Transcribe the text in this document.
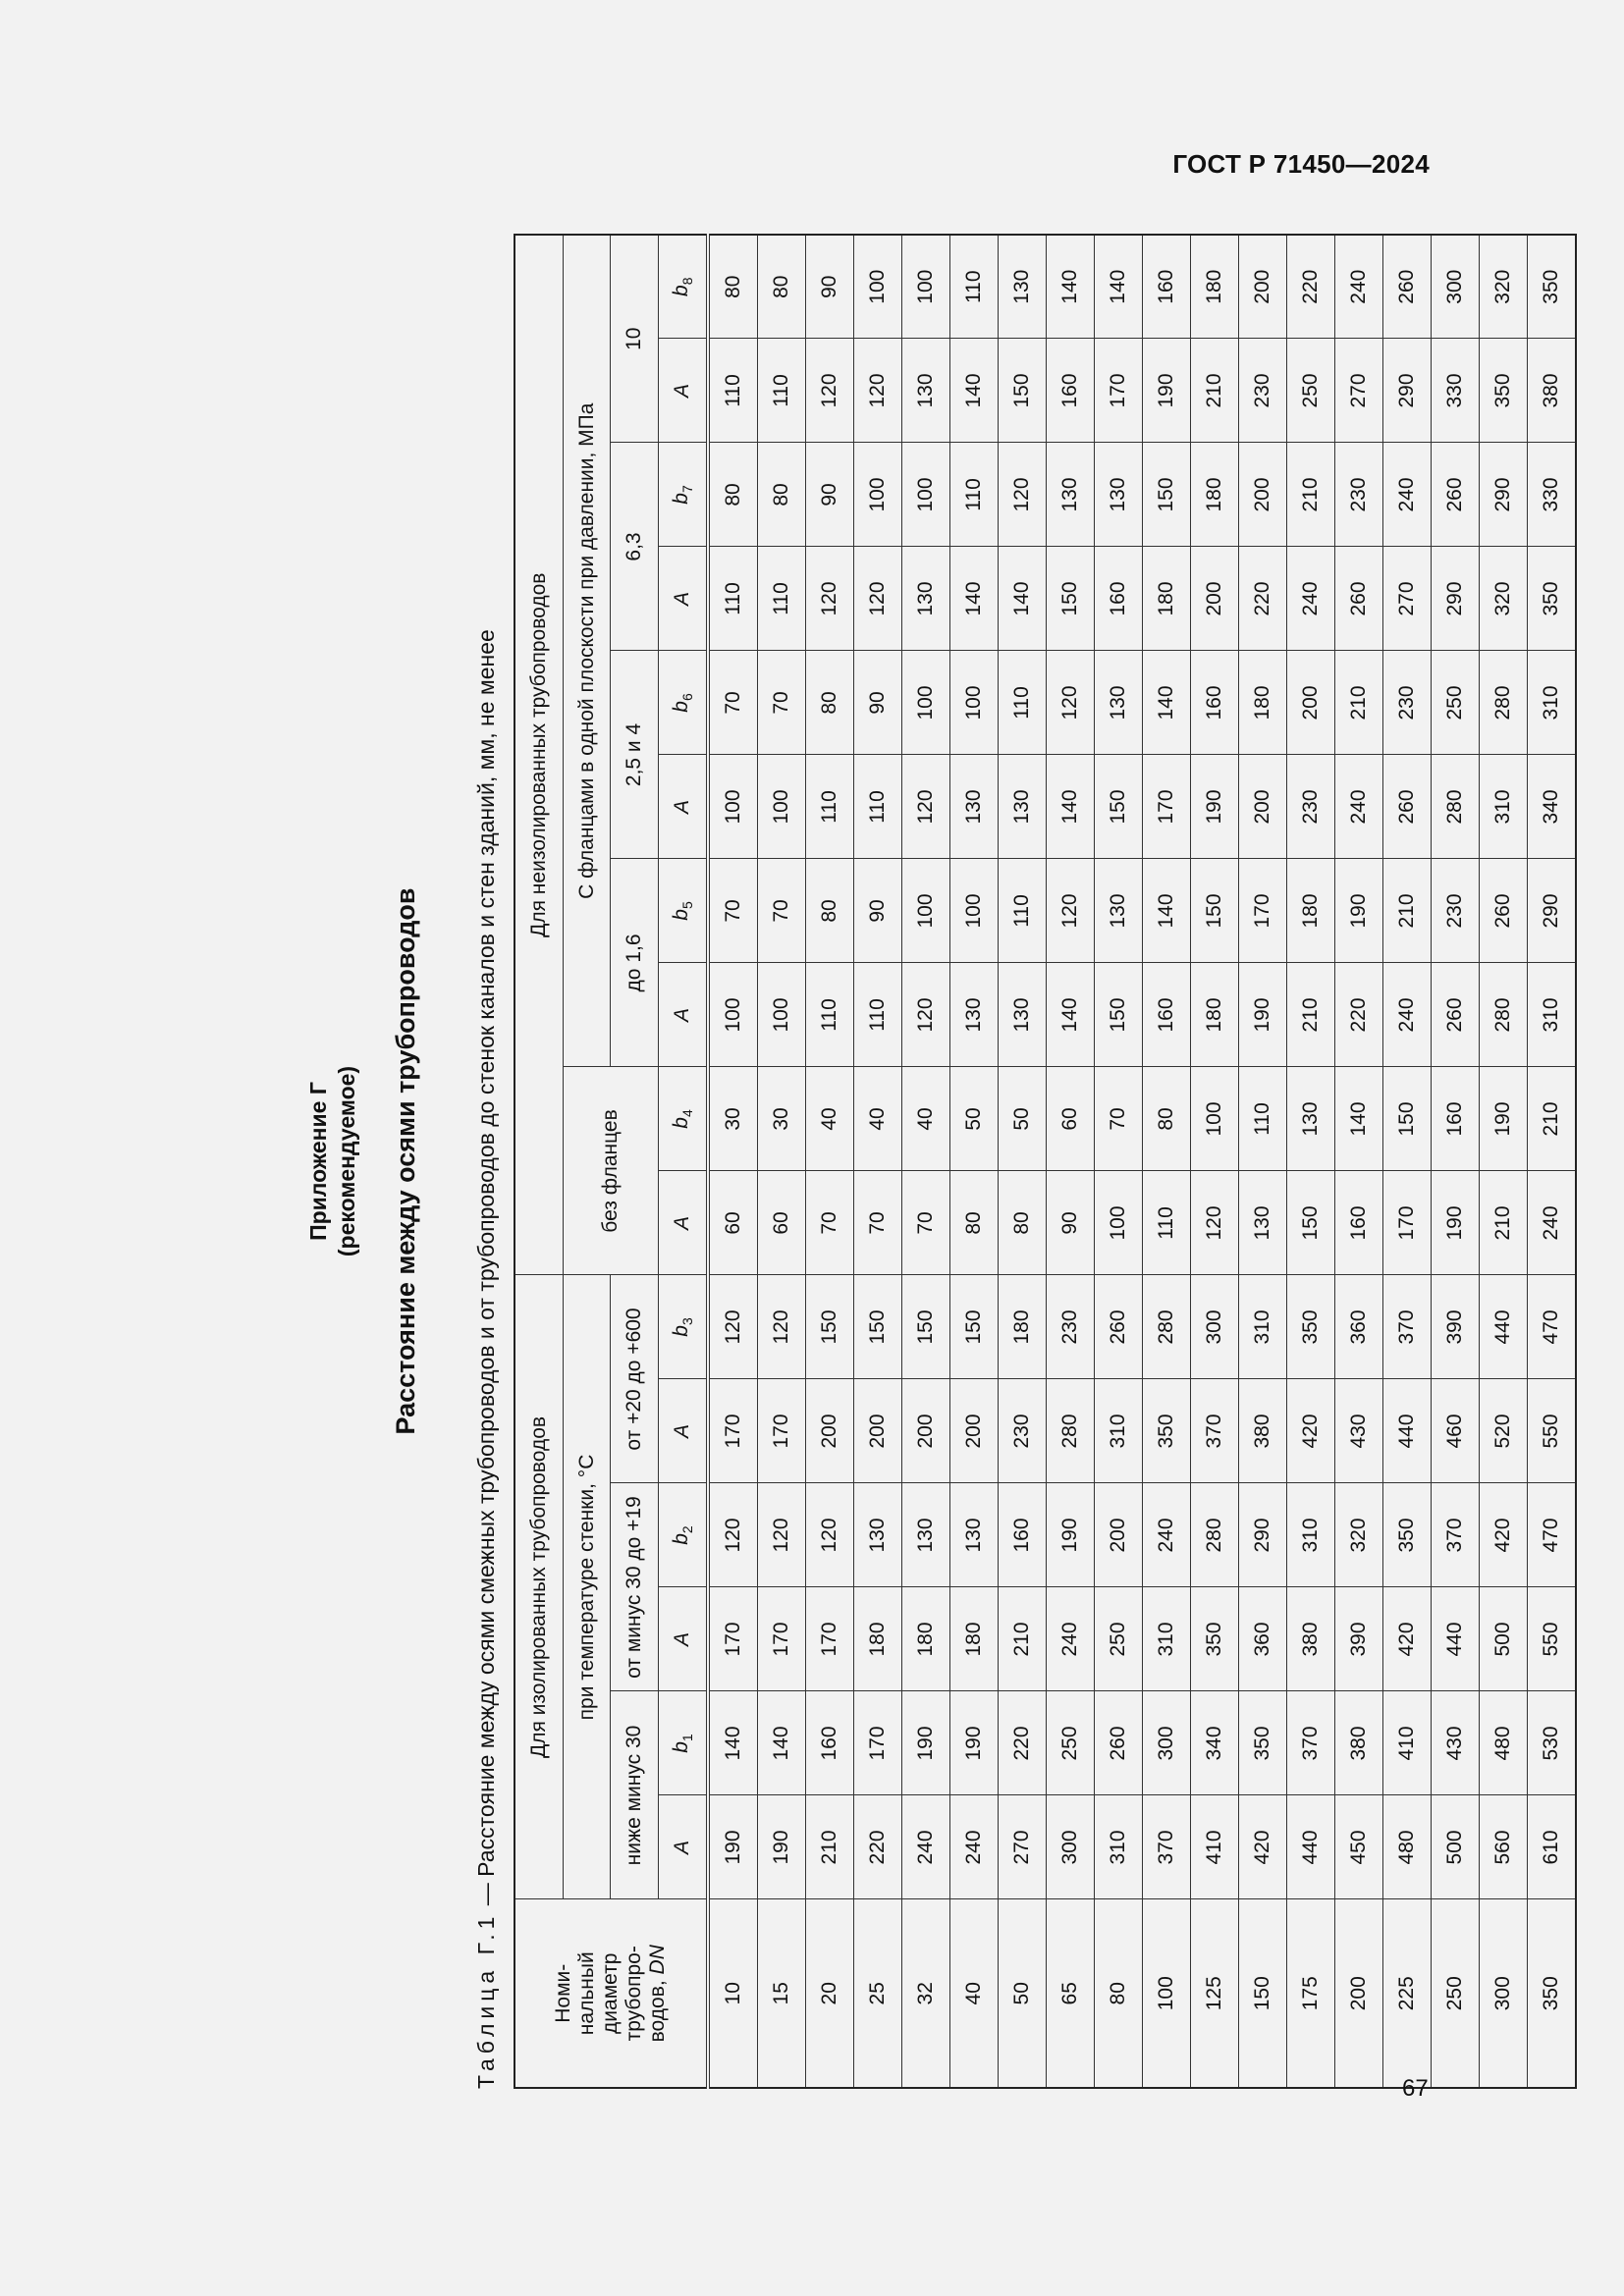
ГОСТ Р 71450—2024
Приложение Г (рекомендуемое) Расстояние между осями трубопроводов
Таблица Г.1 — Расстояние между осями смежных трубопроводов и от трубопроводов до стенок каналов и стен зданий, мм, не менее
Номи-
нальный
диаметр
трубопро-
водов, DN	Для изолированных трубопроводов						Для неизолированных трубопроводов									
	при температуре стенки, °С						без фланцев		С фланцами в одной плоскости при давлении, МПа							
	ниже минус 30		от минус 30 до +19		от +20 до +600				до 1,6		2,5 и 4		6,3		10	
	A	$b_1$	A	$b_2$	A	$b_3$	A	$b_4$	A	$b_5$	A	$b_6$	A	$b_7$	A	$b_8$
10	190	140	170	120	170	120	60	30	100	70	100	70	110	80	110	80
15	190	140	170	120	170	120	60	30	100	70	100	70	110	80	110	80
20	210	160	170	120	200	150	70	40	110	80	110	80	120	90	120	90
25	220	170	180	130	200	150	70	40	110	90	110	90	120	100	120	100
32	240	190	180	130	200	150	70	40	120	100	120	100	130	100	130	100
40	240	190	180	130	200	150	80	50	130	100	130	100	140	110	140	110
50	270	220	210	160	230	180	80	50	130	110	130	110	140	120	150	130
65	300	250	240	190	280	230	90	60	140	120	140	120	150	130	160	140
80	310	260	250	200	310	260	100	70	150	130	150	130	160	130	170	140
100	370	300	310	240	350	280	110	80	160	140	170	140	180	150	190	160
125	410	340	350	280	370	300	120	100	180	150	190	160	200	180	210	180
150	420	350	360	290	380	310	130	110	190	170	200	180	220	200	230	200
175	440	370	380	310	420	350	150	130	210	180	230	200	240	210	250	220
200	450	380	390	320	430	360	160	140	220	190	240	210	260	230	270	240
225	480	410	420	350	440	370	170	150	240	210	260	230	270	240	290	260
250	500	430	440	370	460	390	190	160	260	230	280	250	290	260	330	300
300	560	480	500	420	520	440	210	190	280	260	310	280	320	290	350	320
350	610	530	550	470	550	470	240	210	310	290	340	310	350	330	380	350
67
